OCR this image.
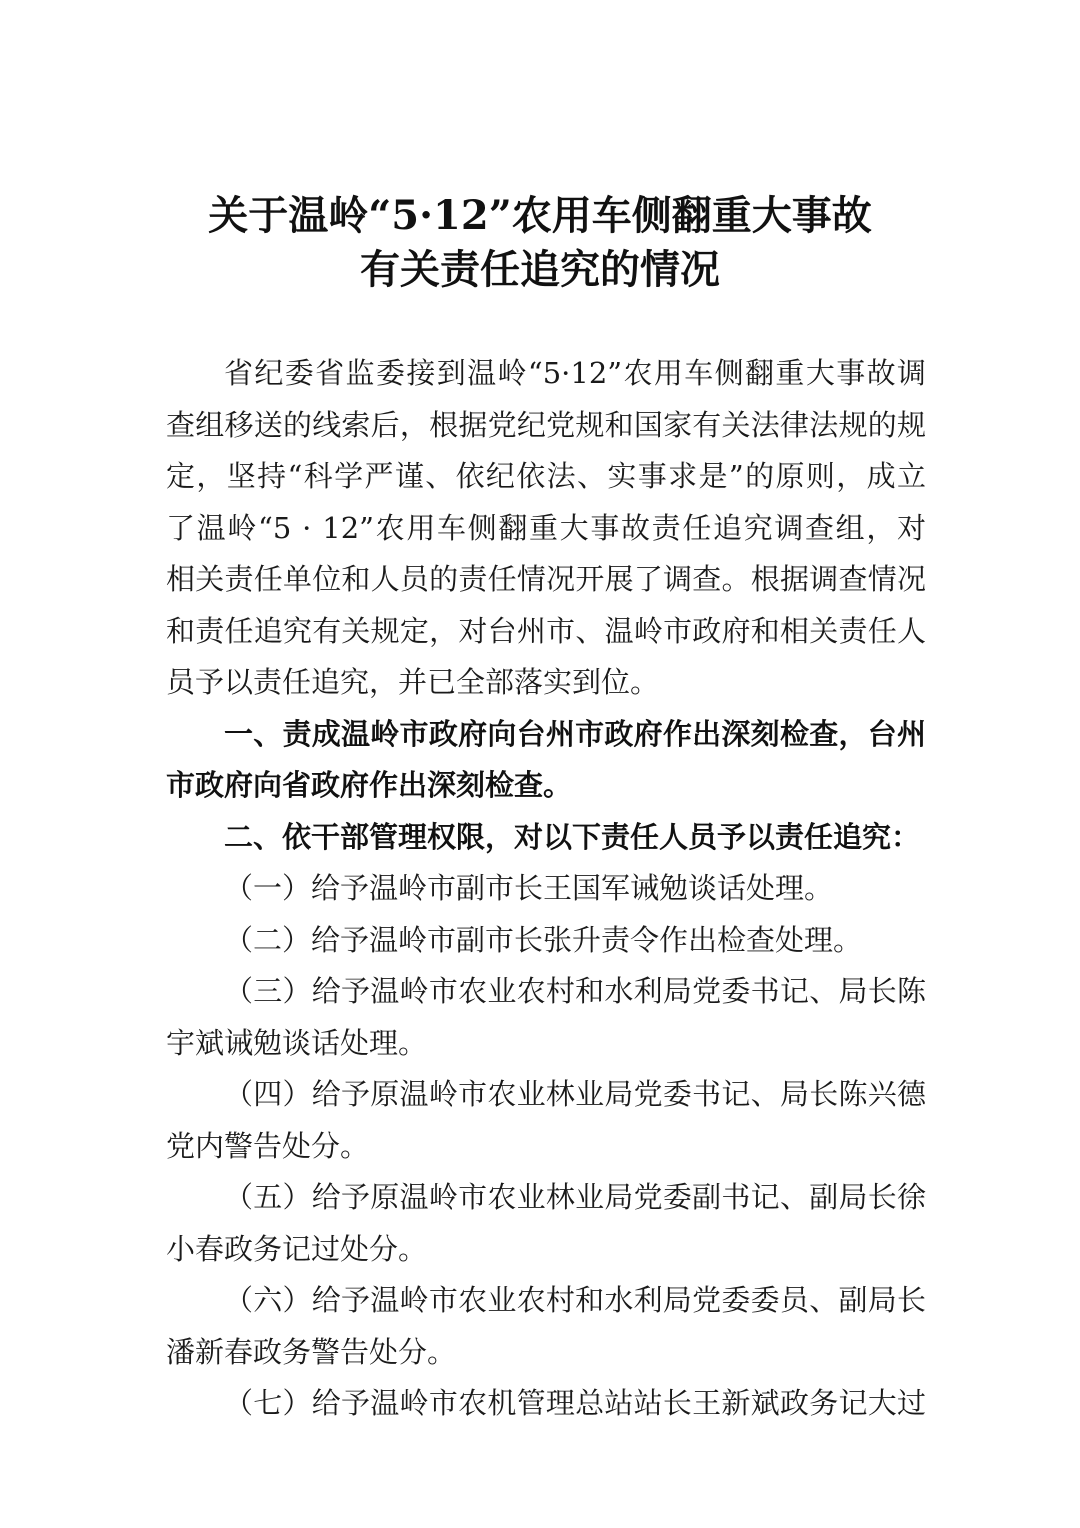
关于温岭“5·12”农用车侧翻重大事故
有关责任追究的情况
省纪委省监委接到温岭“5·12”农用车侧翻重大事故调
查组移送的线索后，根据党纪党规和国家有关法律法规的规
定，坚持“科学严谨、依纪依法、实事求是”的原则，成立
了温岭“5 · 12”农用车侧翻重大事故责任追究调查组，对
相关责任单位和人员的责任情况开展了调查。根据调查情况
和责任追究有关规定，对台州市、温岭市政府和相关责任人
员予以责任追究，并已全部落实到位。
一、责成温岭市政府向台州市政府作出深刻检查，台州
市政府向省政府作出深刻检查。
二、依干部管理权限，对以下责任人员予以责任追究：
（一）给予温岭市副市长王国军诫勉谈话处理。
（二）给予温岭市副市长张升责令作出检查处理。
（三）给予温岭市农业农村和水利局党委书记、局长陈
宇斌诫勉谈话处理。
（四）给予原温岭市农业林业局党委书记、局长陈兴德
党内警告处分。
（五）给予原温岭市农业林业局党委副书记、副局长徐
小春政务记过处分。
（六）给予温岭市农业农村和水利局党委委员、副局长
潘新春政务警告处分。
（七）给予温岭市农机管理总站站长王新斌政务记大过
